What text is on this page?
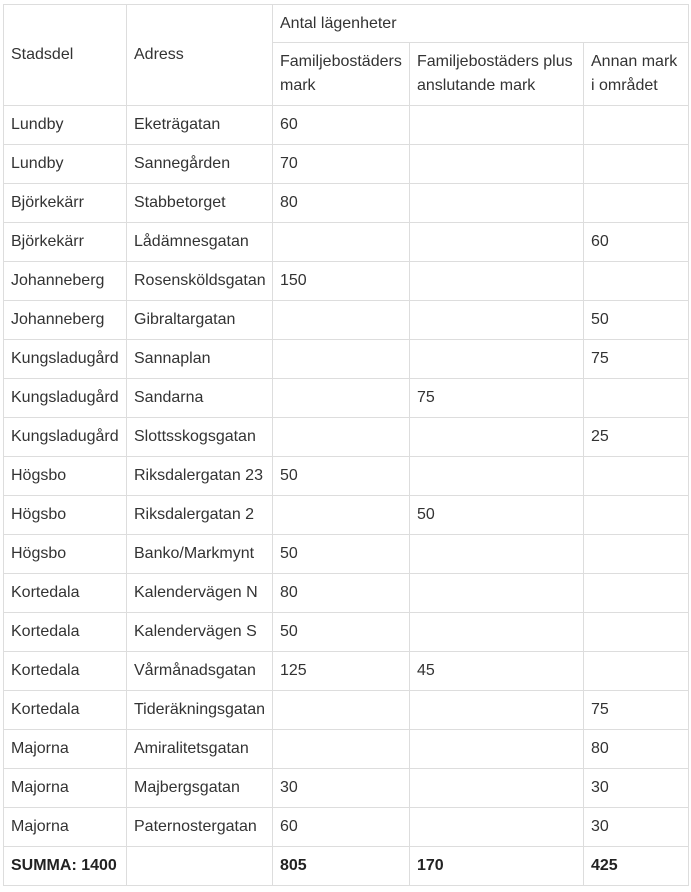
Stadsdel	Adress	Antal lägenheter		
		Familjebostäders mark	Familjebostäders plus anslutande mark	Annan mark i området
Lundby	Eketrägatan	60		
Lundby	Sannegården	70		
Björkekärr	Stabbetorget	80		
Björkekärr	Lådämnesgatan			60
Johanneberg	Rosensköldsgatan	150		
Johanneberg	Gibraltargatan			50
Kungsladugård	Sannaplan			75
Kungsladugård	Sandarna		75	
Kungsladugård	Slottsskogsgatan			25
Högsbo	Riksdalergatan 23	50		
Högsbo	Riksdalergatan 2		50	
Högsbo	Banko/Markmynt	50		
Kortedala	Kalendervägen N	80		
Kortedala	Kalendervägen S	50		
Kortedala	Vårmånadsgatan	125	45	
Kortedala	Tideräkningsgatan			75
Majorna	Amiralitetsgatan			80
Majorna	Majbergsgatan	30		30
Majorna	Paternostergatan	60		30
SUMMA: 1400		805	170	425
